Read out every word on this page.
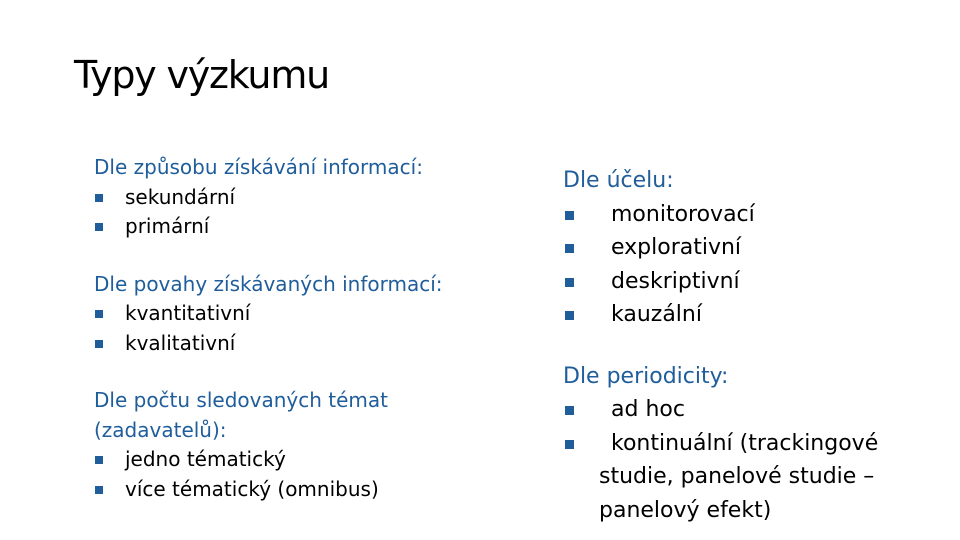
Typy výzkumu
Dle způsobu získávání informací:
sekundární
primární
Dle povahy získávaných informací:
kvantitativní
kvalitativní
Dle počtu sledovaných témat
(zadavatelů):
jedno tématický
více tématický (omnibus)
Dle účelu:
monitorovací
explorativní
deskriptivní
kauzální
Dle periodicity:
ad hoc
kontinuální (trackingové studie, panelové studie – panelový efekt)
